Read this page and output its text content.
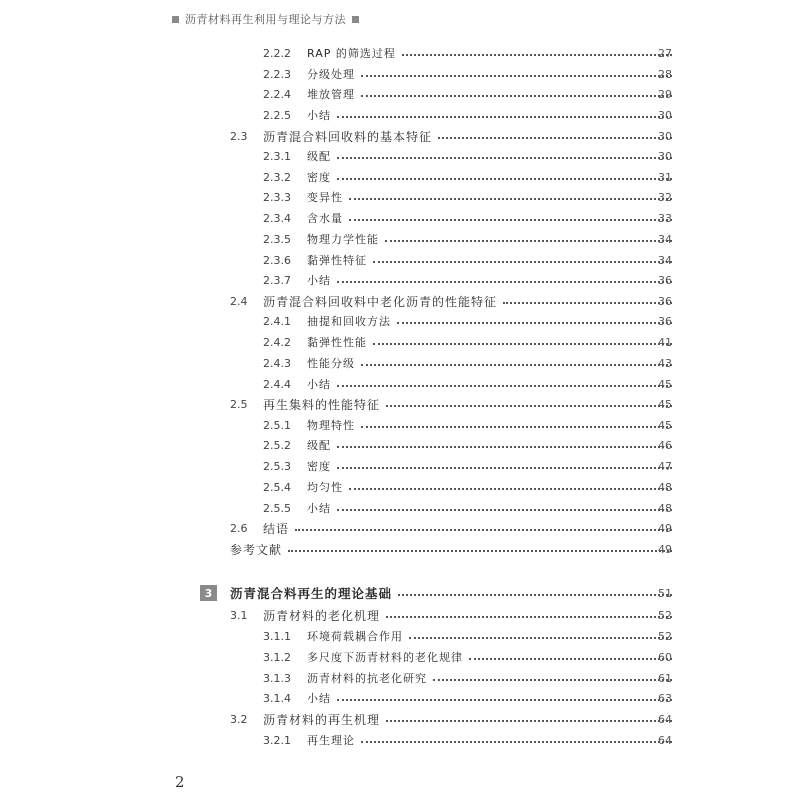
沥青材料再生利用与理论与方法
2.2.2 RAP 的筛选过程	27
2.2.3 分级处理	28
2.2.4 堆放管理	29
2.2.5 小结	30
2.3 沥青混合料回收料的基本特征	30
2.3.1 级配	30
2.3.2 密度	31
2.3.3 变异性	32
2.3.4 含水量	33
2.3.5 物理力学性能	34
2.3.6 黏弹性特征	34
2.3.7 小结	36
2.4 沥青混合料回收料中老化沥青的性能特征	36
2.4.1 抽提和回收方法	36
2.4.2 黏弹性性能	41
2.4.3 性能分级	43
2.4.4 小结	45
2.5 再生集料的性能特征	45
2.5.1 物理特性	45
2.5.2 级配	46
2.5.3 密度	47
2.5.4 均匀性	48
2.5.5 小结	48
2.6 结语	49
参考文献	49
3	沥青混合料再生的理论基础	51
3.1 沥青材料的老化机理	52
3.1.1 环境荷载耦合作用	52
3.1.2 多尺度下沥青材料的老化规律	60
3.1.3 沥青材料的抗老化研究	61
3.1.4 小结	63
3.2 沥青材料的再生机理	64
3.2.1 再生理论	64
2
